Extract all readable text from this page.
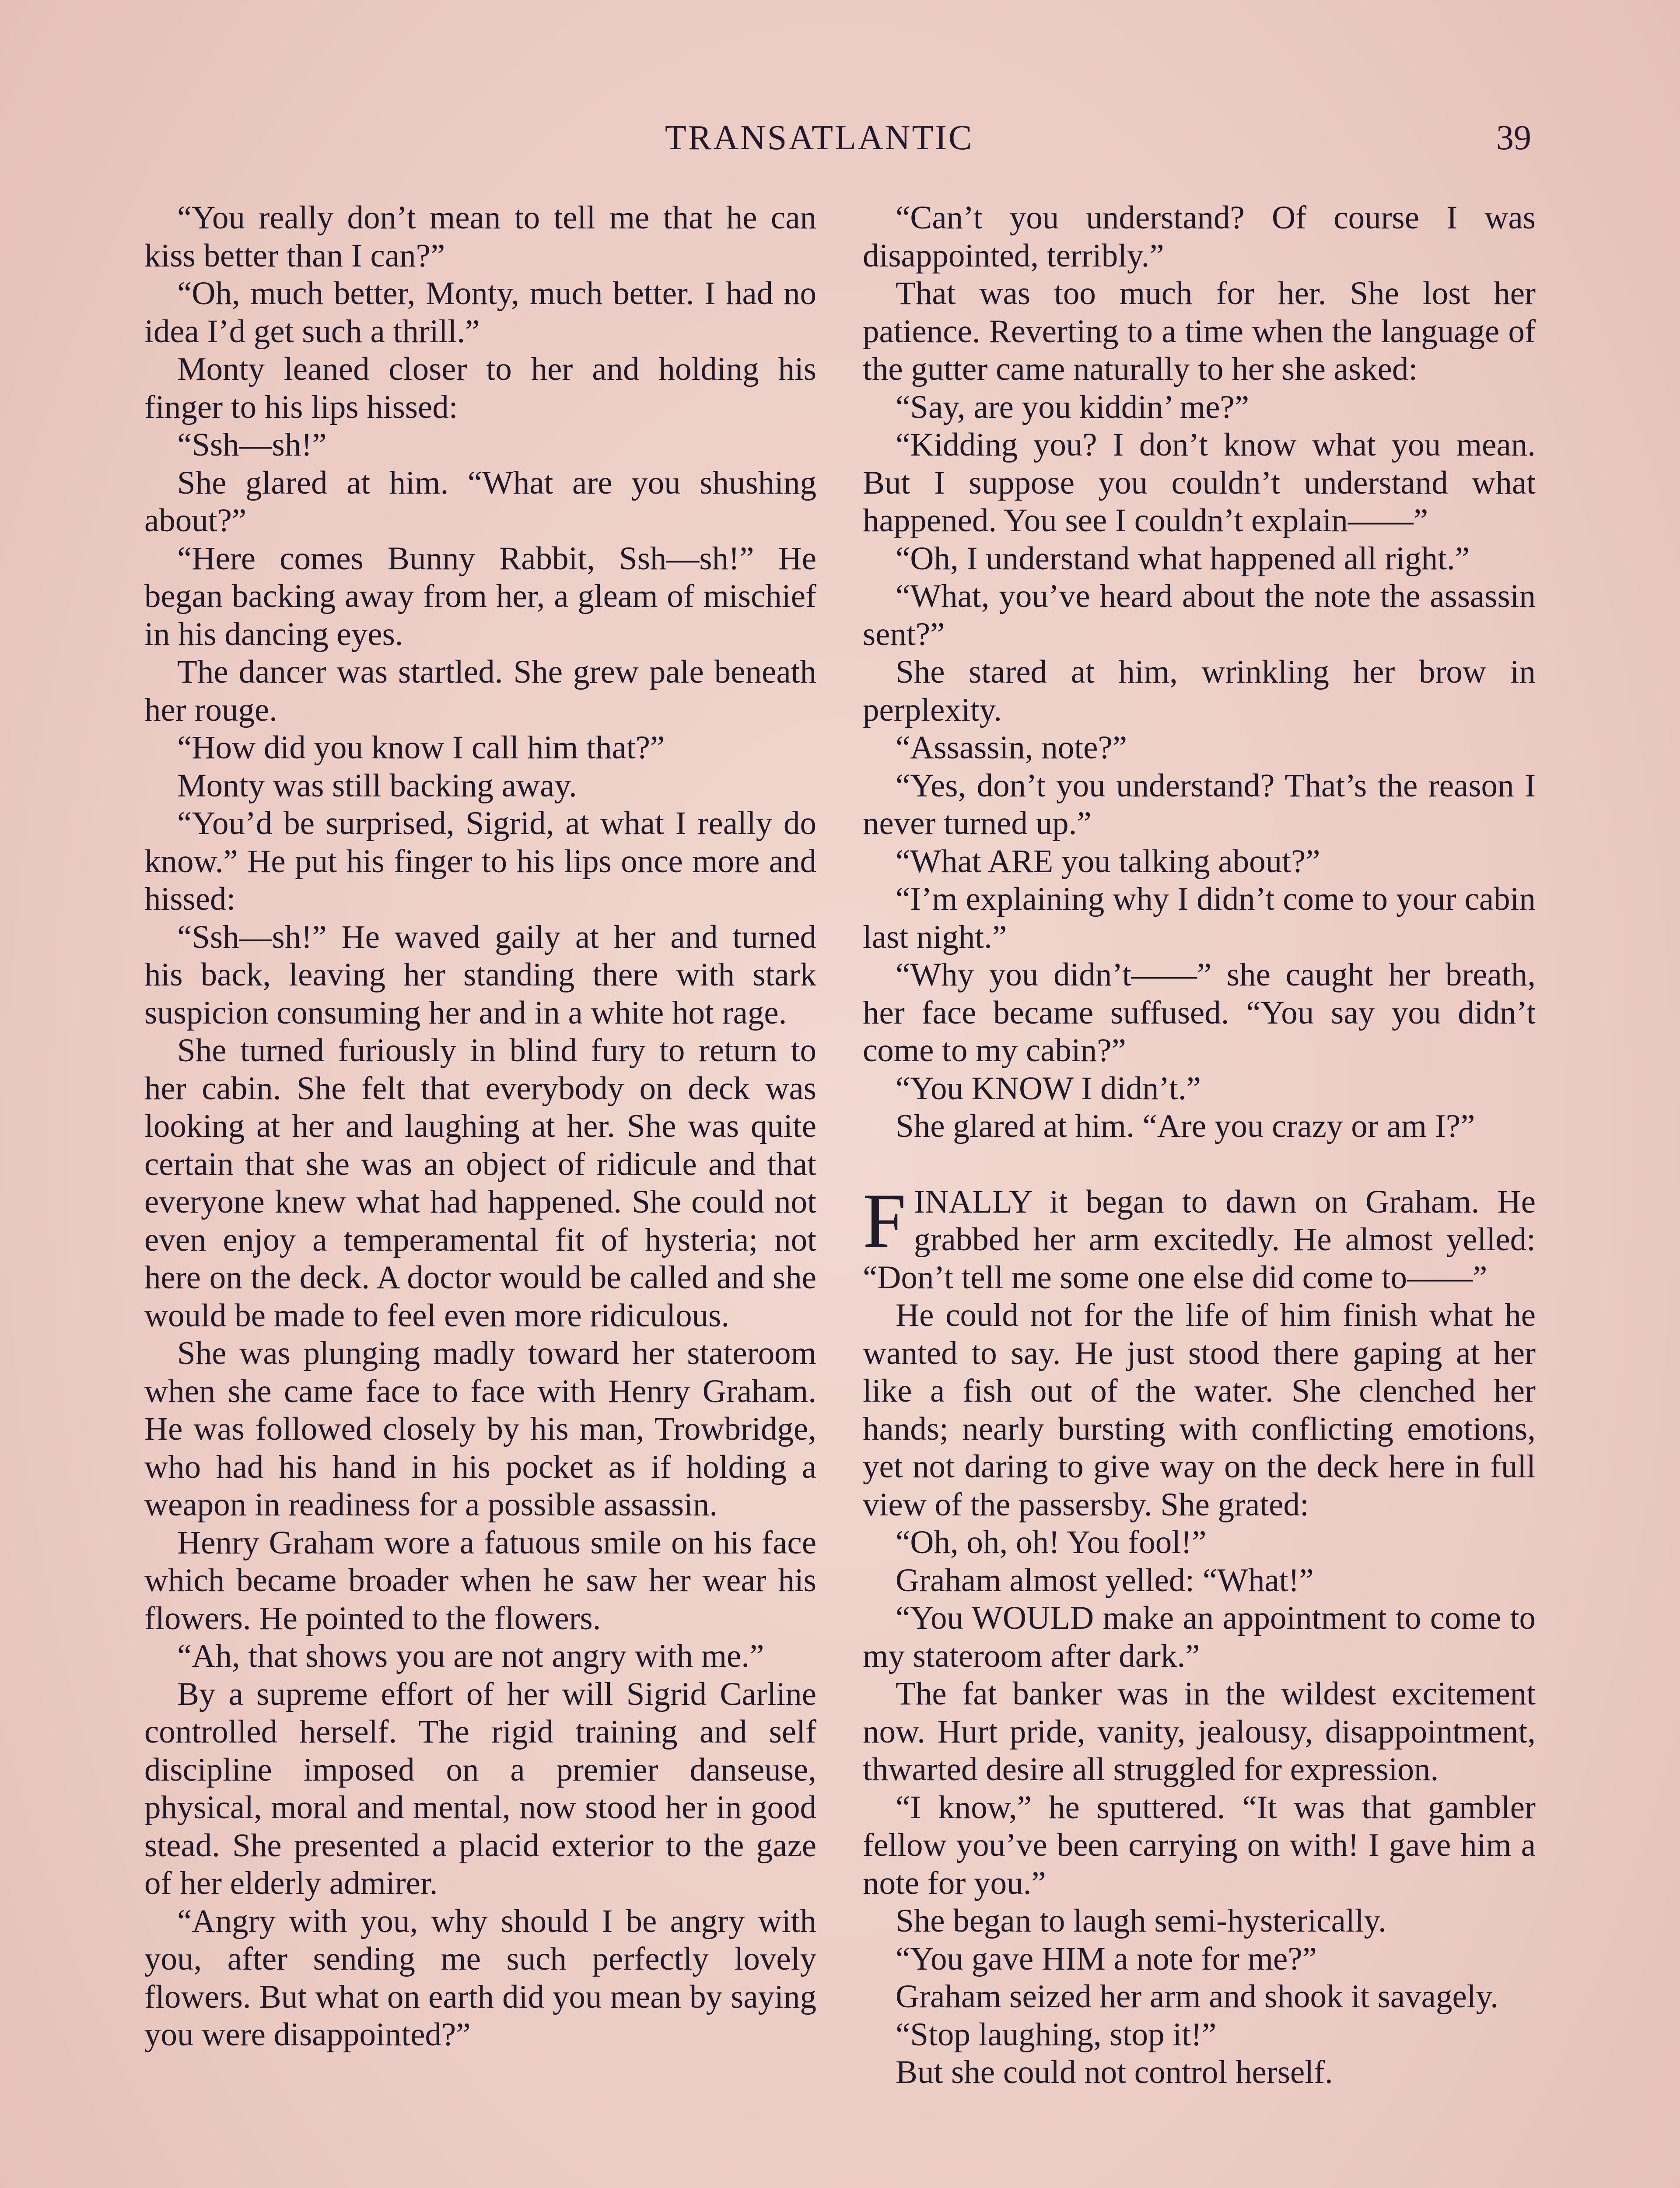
TRANSATLANTIC	39

“You really don’t mean to tell me that he can kiss better than I can?”

“Oh, much better, Monty, much better. I had no idea I’d get such a thrill.”

Monty leaned closer to her and holding his finger to his lips hissed:

“Ssh—sh!”

She glared at him. “What are you shushing about?”

“Here comes Bunny Rabbit, Ssh—sh!” He began backing away from her, a gleam of mischief in his dancing eyes.

The dancer was startled. She grew pale beneath her rouge.

“How did you know I call him that?”

Monty was still backing away.

“You’d be surprised, Sigrid, at what I really do know.” He put his finger to his lips once more and hissed:

“Ssh—sh!” He waved gaily at her and turned his back, leaving her standing there with stark suspicion consuming her and in a white hot rage.

She turned furiously in blind fury to return to her cabin. She felt that everybody on deck was looking at her and laughing at her. She was quite certain that she was an object of ridicule and that everyone knew what had happened. She could not even enjoy a temperamental fit of hysteria; not here on the deck. A doctor would be called and she would be made to feel even more ridiculous.

She was plunging madly toward her stateroom when she came face to face with Henry Graham. He was followed closely by his man, Trowbridge, who had his hand in his pocket as if holding a weapon in readiness for a possible assassin.

Henry Graham wore a fatuous smile on his face which became broader when he saw her wear his flowers. He pointed to the flowers.

“Ah, that shows you are not angry with me.”

By a supreme effort of her will Sigrid Carline controlled herself. The rigid training and self discipline imposed on a premier danseuse, physical, moral and mental, now stood her in good stead. She presented a placid exterior to the gaze of her elderly admirer.

“Angry with you, why should I be angry with you, after sending me such perfectly lovely flowers. But what on earth did you mean by saying you were disappointed?”

“Can’t you understand? Of course I was disappointed, terribly.”

That was too much for her. She lost her patience. Reverting to a time when the language of the gutter came naturally to her she asked:

“Say, are you kiddin’ me?”

“Kidding you? I don’t know what you mean. But I suppose you couldn’t understand what happened. You see I couldn’t explain——”

“Oh, I understand what happened all right.”

“What, you’ve heard about the note the assassin sent?”

She stared at him, wrinkling her brow in perplexity.

“Assassin, note?”

“Yes, don’t you understand? That’s the reason I never turned up.”

“What ARE you talking about?”

“I’m explaining why I didn’t come to your cabin last night.”

“Why you didn’t——” she caught her breath, her face became suffused. “You say you didn’t come to my cabin?”

“You KNOW I didn’t.”

She glared at him. “Are you crazy or am I?”

FINALLY it began to dawn on Graham. He grabbed her arm excitedly. He almost yelled: “Don’t tell me some one else did come to——”

He could not for the life of him finish what he wanted to say. He just stood there gaping at her like a fish out of the water. She clenched her hands; nearly bursting with conflicting emotions, yet not daring to give way on the deck here in full view of the passersby. She grated:

“Oh, oh, oh! You fool!”

Graham almost yelled: “What!”

“You WOULD make an appointment to come to my stateroom after dark.”

The fat banker was in the wildest excitement now. Hurt pride, vanity, jealousy, disappointment, thwarted desire all struggled for expression.

“I know,” he sputtered. “It was that gambler fellow you’ve been carrying on with! I gave him a note for you.”

She began to laugh semi-hysterically.

“You gave HIM a note for me?”

Graham seized her arm and shook it savagely.

“Stop laughing, stop it!”

But she could not control herself.
